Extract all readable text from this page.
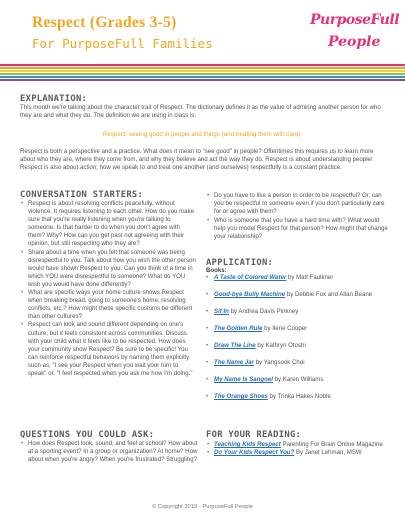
Respect (Grades 3-5)
For PurposeFull Families
PurposeFull
People
EXPLANATION:
This month we're talking about the character trait of Respect. The dictionary defines it as the value of admiring another person for who they are and what they do. The definition we are using in class is:
Respect: seeing good in people and things (and treating them with care).
Respect is both a perspective and a practice. What does it mean to "see good" in people? Oftentimes this requires us to learn more about who they are, where they come from, and why they believe and act the way they do. Respect is about understanding people! Respect is also about action; how we speak to and treat one another (and ourselves) respectfully is a constant practice.
CONVERSATION STARTERS:
• Respect is about resolving conflicts peacefully, without violence. It requires listening to each other. How do you make sure that you're really listening when you're talking to someone. Is that harder to do when you don't agree with them? Why? How can you get past not agreeing with their opinion, but still respecting who they are?
• Share about a time when you felt that someone was being disrespectful to you. Talk about how you wish the other person would have shown Respect to you. Can you think of a time in which YOU were disrespectful to someone? What do YOU wish you would have done differently?
• What are specific ways your home culture shows Respect when breaking bread, going to someone's home, resolving conflicts, etc.? How might these specific customs be different than other cultures?
• Respect can look and sound different depending on one's culture, but it feels consistent across communities. Discuss with your child what it feels like to be respected. How does your community show Respect? Be sure to be specific! You can reinforce respectful behaviors by naming them explicitly such as, "I see your Respect when you wait your turn to speak" or, "I feel respected when you ask me how I'm doing."
• Do you have to like a person in order to be respectful? Or, can you be respectful to someone even if you don't particularly care for or agree with them?
• Who is someone that you have a hard time with? What would help you model Respect for that person? How might that change your relationship?
APPLICATION:
Books:
• A Taste of Colored Water by Matt Faulkner
• Good-bye Bully Machine by Debbie Fox and Allan Beane
• Sit In by Andrea Davis Pinkney
• The Golden Rule by Ilene Cooper
• Draw The Line by Kathryn Otoshi
• The Name Jar by Yangsook Choi
• My Name Is Sangoel by Karen Williams
• The Orange Shoes by Trinka Hakes Noble
QUESTIONS YOU COULD ASK:
• How does Respect look, sound, and feel at school? How about at a sporting event? In a group or organization? At home? How about when you're angry? When you're frustrated? Struggling?
FOR YOUR READING:
• Teaching Kids Respect Parenting For Brain Online Magazine
• Do Your Kids Respect You? By Janet Lehman, MSW
© Copyright 2019 - PurposeFull People
